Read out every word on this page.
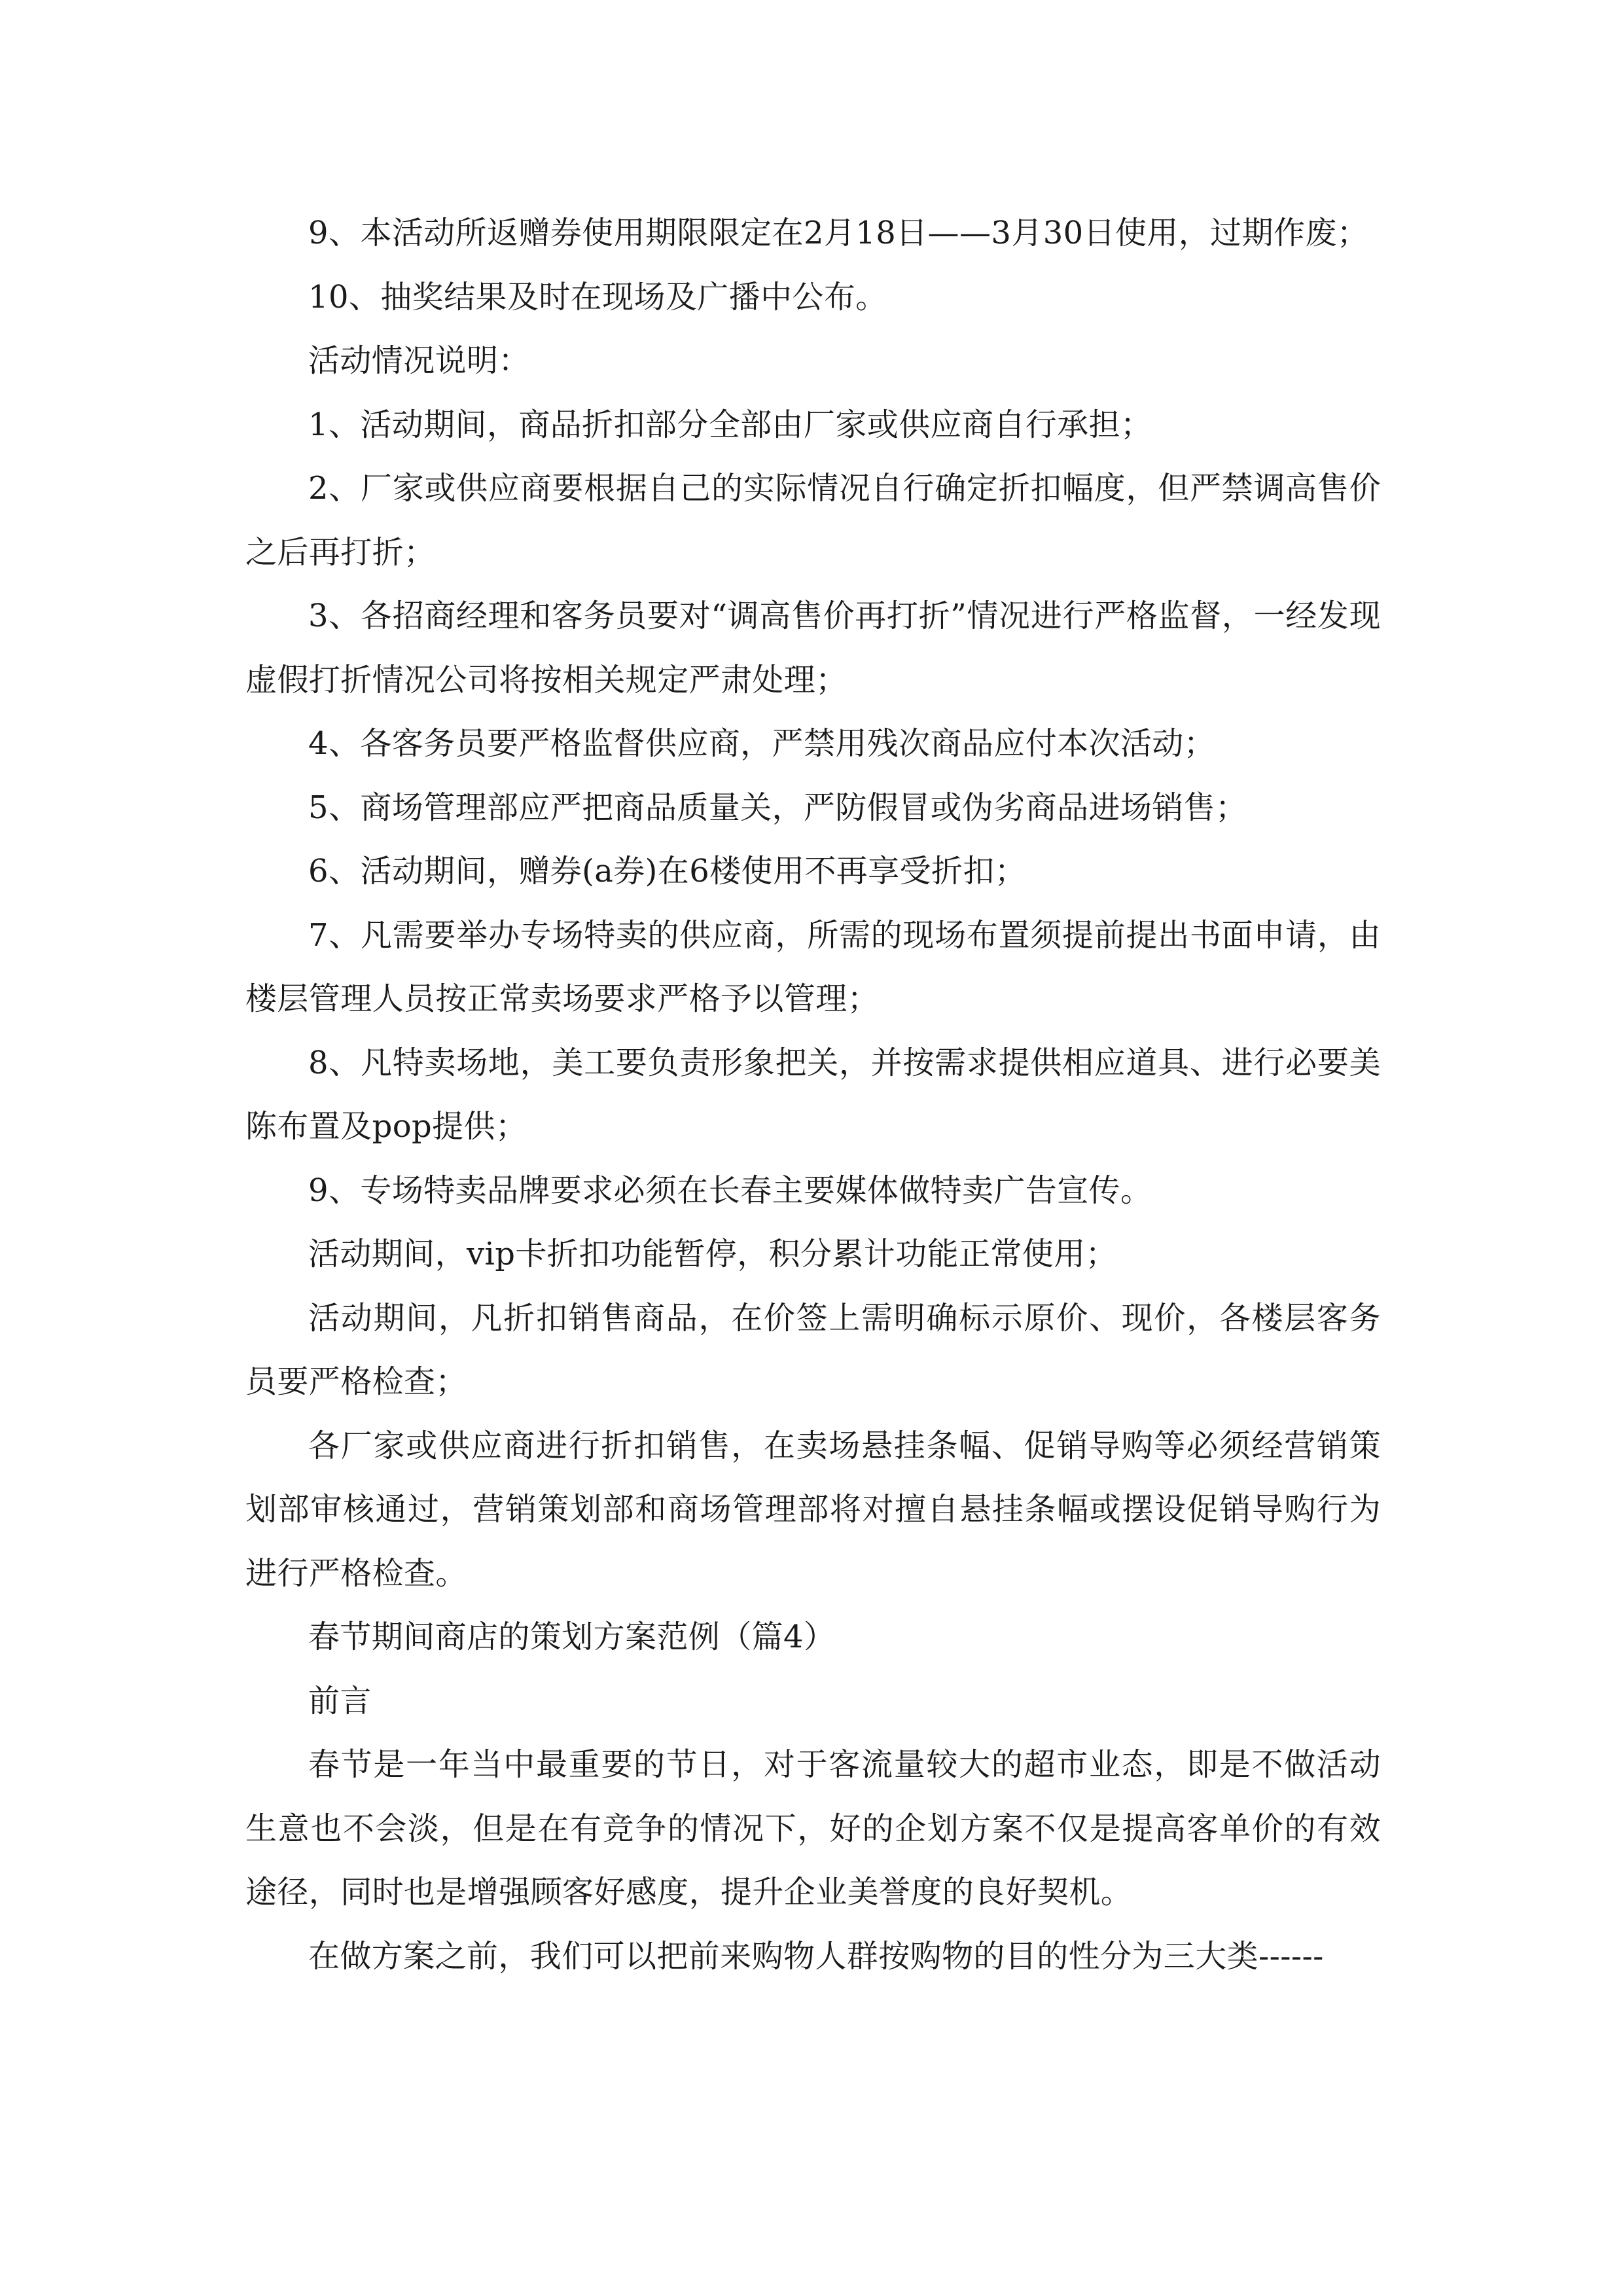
9、本活动所返赠券使用期限限定在2月18日——3月30日使用，过期作废；

10、抽奖结果及时在现场及广播中公布。

活动情况说明：

1、活动期间，商品折扣部分全部由厂家或供应商自行承担；

2、厂家或供应商要根据自己的实际情况自行确定折扣幅度，但严禁调高售价之后再打折；

3、各招商经理和客务员要对“调高售价再打折”情况进行严格监督，一经发现虚假打折情况公司将按相关规定严肃处理；

4、各客务员要严格监督供应商，严禁用残次商品应付本次活动；

5、商场管理部应严把商品质量关，严防假冒或伪劣商品进场销售；

6、活动期间，赠券(a券)在6楼使用不再享受折扣；

7、凡需要举办专场特卖的供应商，所需的现场布置须提前提出书面申请，由楼层管理人员按正常卖场要求严格予以管理；

8、凡特卖场地，美工要负责形象把关，并按需求提供相应道具、进行必要美陈布置及pop提供；

9、专场特卖品牌要求必须在长春主要媒体做特卖广告宣传。

活动期间，vip卡折扣功能暂停，积分累计功能正常使用；

活动期间，凡折扣销售商品，在价签上需明确标示原价、现价，各楼层客务员要严格检查；

各厂家或供应商进行折扣销售，在卖场悬挂条幅、促销导购等必须经营销策划部审核通过，营销策划部和商场管理部将对擅自悬挂条幅或摆设促销导购行为进行严格检查。

春节期间商店的策划方案范例（篇4）

前言

春节是一年当中最重要的节日，对于客流量较大的超市业态，即是不做活动生意也不会淡，但是在有竞争的情况下，好的企划方案不仅是提高客单价的有效途径，同时也是增强顾客好感度，提升企业美誉度的良好契机。

在做方案之前，我们可以把前来购物人群按购物的目的性分为三大类------
